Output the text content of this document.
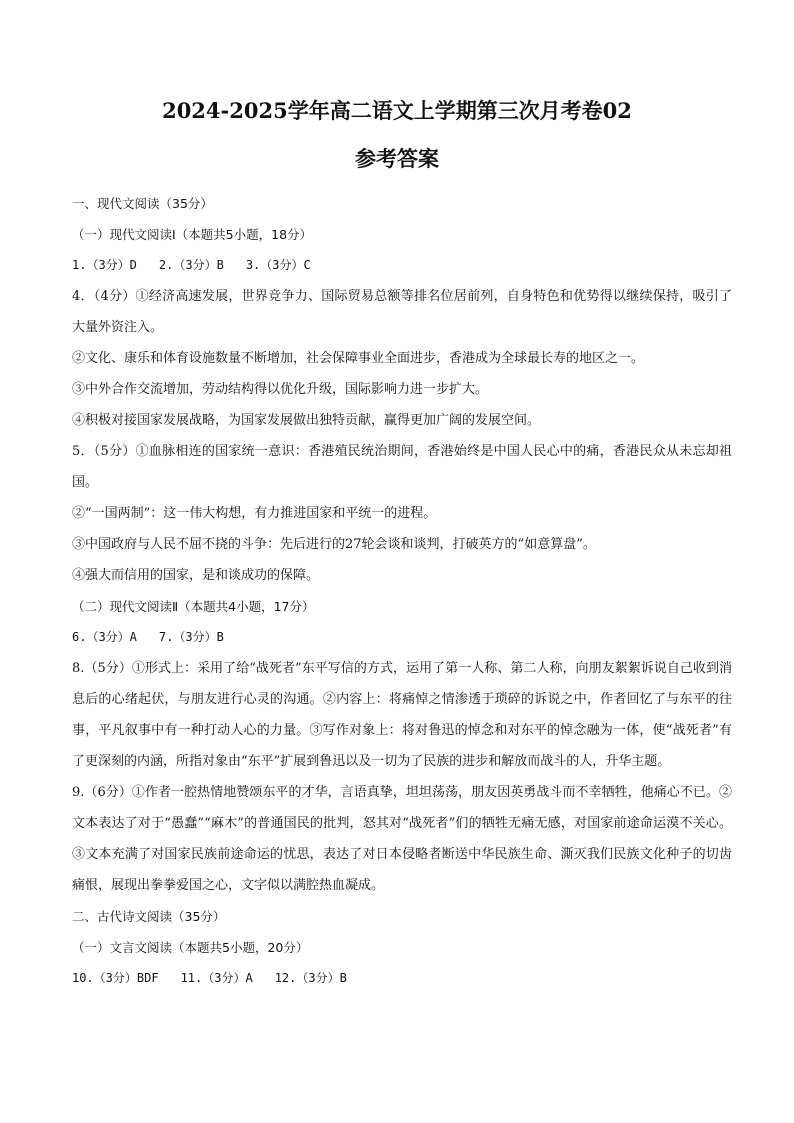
2024-2025学年高二语文上学期第三次月考卷02
参考答案

一、现代文阅读（35分）

（一）现代文阅读Ⅰ（本题共5小题，18分）

1.（3分）D 2.（3分）B 3.（3分）C

4．（4分）①经济高速发展，世界竞争力、国际贸易总额等排名位居前列，自身特色和优势得以继续保持，吸引了大量外资注入。

②文化、康乐和体育设施数量不断增加，社会保障事业全面进步，香港成为全球最长寿的地区之一。

③中外合作交流增加，劳动结构得以优化升级，国际影响力进一步扩大。

④积极对接国家发展战略，为国家发展做出独特贡献，赢得更加广阔的发展空间。

5．（5分）①血脉相连的国家统一意识：香港殖民统治期间，香港始终是中国人民心中的痛，香港民众从未忘却祖国。

②“一国两制”：这一伟大构想，有力推进国家和平统一的进程。

③中国政府与人民不屈不挠的斗争：先后进行的27轮会谈和谈判，打破英方的“如意算盘”。

④强大而信用的国家，是和谈成功的保障。

（二）现代文阅读Ⅱ（本题共4小题，17分）

6.（3分）A 7.（3分）B

8.（5分）①形式上：采用了给“战死者”东平写信的方式，运用了第一人称、第二人称，向朋友絮絮诉说自己收到消息后的心绪起伏，与朋友进行心灵的沟通。②内容上：将痛悼之情渗透于琐碎的诉说之中，作者回忆了与东平的往事，平凡叙事中有一种打动人心的力量。③写作对象上：将对鲁迅的悼念和对东平的悼念融为一体，使“战死者”有了更深刻的内涵，所指对象由“东平”扩展到鲁迅以及一切为了民族的进步和解放而战斗的人，升华主题。

9.（6分）①作者一腔热情地赞颂东平的才华，言语真挚，坦坦荡荡，朋友因英勇战斗而不幸牺牲，他痛心不已。②文本表达了对于“愚蠢”“麻木”的普通国民的批判，怒其对“战死者”们的牺牲无痛无感，对国家前途命运漠不关心。③文本充满了对国家民族前途命运的忧思，表达了对日本侵略者断送中华民族生命、澌灭我们民族文化种子的切齿痛恨，展现出拳拳爱国之心，文字似以满腔热血凝成。

二、古代诗文阅读（35分）

（一）文言文阅读（本题共5小题，20分）

10.（3分）BDF 11.（3分）A 12.（3分）B
